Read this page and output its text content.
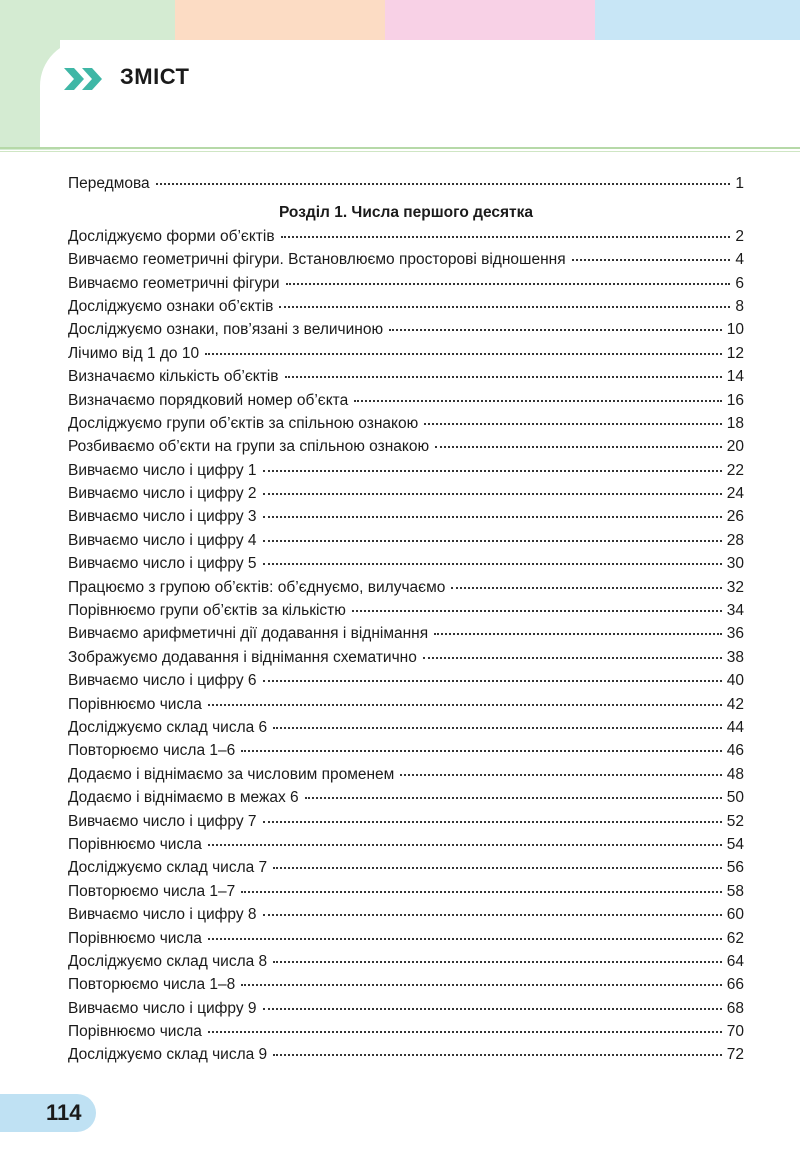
ЗМІСТ
Передмова	1
Розділ 1. Числа першого десятка
Досліджуємо форми об’єктів	2
Вивчаємо геометричні фігури. Встановлюємо просторові відношення	4
Вивчаємо геометричні фігури	6
Досліджуємо ознаки об’єктів	8
Досліджуємо ознаки, пов’язані з величиною	10
Лічимо від 1 до 10	12
Визначаємо кількість об’єктів	14
Визначаємо порядковий номер об’єкта	16
Досліджуємо групи об’єктів за спільною ознакою	18
Розбиваємо об’єкти на групи за спільною ознакою	20
Вивчаємо число і цифру 1	22
Вивчаємо число і цифру 2	24
Вивчаємо число і цифру 3	26
Вивчаємо число і цифру 4	28
Вивчаємо число і цифру 5	30
Працюємо з групою об’єктів: об’єднуємо, вилучаємо	32
Порівнюємо групи об’єктів за кількістю	34
Вивчаємо арифметичні дії додавання і віднімання	36
Зображуємо додавання і віднімання схематично	38
Вивчаємо число і цифру 6	40
Порівнюємо числа	42
Досліджуємо склад числа 6	44
Повторюємо числа 1–6	46
Додаємо і віднімаємо за числовим променем	48
Додаємо і віднімаємо в межах 6	50
Вивчаємо число і цифру 7	52
Порівнюємо числа	54
Досліджуємо склад числа 7	56
Повторюємо числа 1–7	58
Вивчаємо число і цифру 8	60
Порівнюємо числа	62
Досліджуємо склад числа 8	64
Повторюємо числа 1–8	66
Вивчаємо число і цифру 9	68
Порівнюємо числа	70
Досліджуємо склад числа 9	72
114
